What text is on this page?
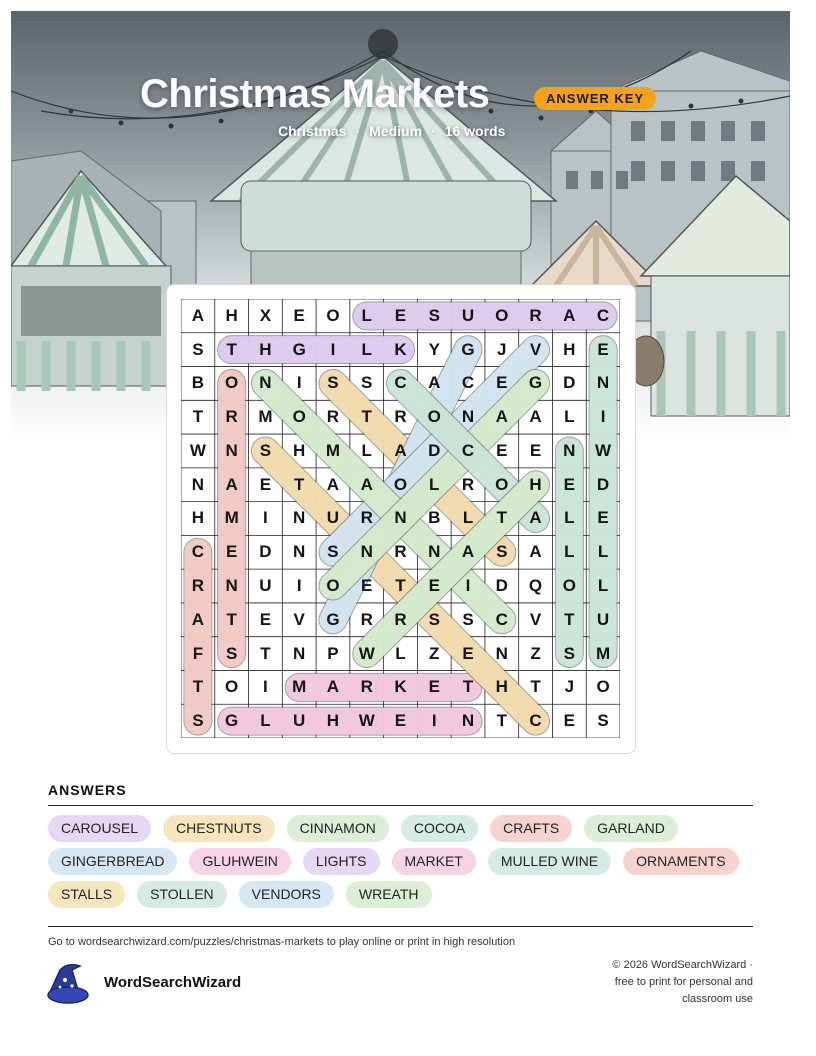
Christmas Markets	ANSWER KEY
Christmas · Medium · 16 words
A	H	X	E	O	L	E	S	U	O	R	A	C
S	T	H	G	I	L	K	Y	G	J	V	H	E
B	O	N	I	S	S	C	A	C	E	G	D	N
T	R	M	O	R	T	R	O	N	A	A	L	I
W	N	S	H	M	L	A	D	C	E	E	N	W
N	A	E	T	A	A	O	L	R	O	H	E	D
H	M	I	N	U	R	N	B	L	T	A	L	E
C	E	D	N	S	N	R	N	A	S	A	L	L
R	N	U	I	O	E	T	E	I	D	Q	O	L
A	T	E	V	G	R	R	S	S	C	V	T	U
F	S	T	N	P	W	L	Z	E	N	Z	S	M
T	O	I	M	A	R	K	E	T	H	T	J	O
S	G	L	U	H	W	E	I	N	T	C	E	S
ANSWERS
CAROUSEL	CHESTNUTS	CINNAMON	COCOA	CRAFTS	GARLAND
GINGERBREAD	GLUHWEIN	LIGHTS	MARKET	MULLED WINE	ORNAMENTS
STALLS	STOLLEN	VENDORS	WREATH
Go to wordsearchwizard.com/puzzles/christmas-markets to play online or print in high resolution
WordSearchWizard
© 2026 WordSearchWizard ·
free to print for personal and
classroom use
